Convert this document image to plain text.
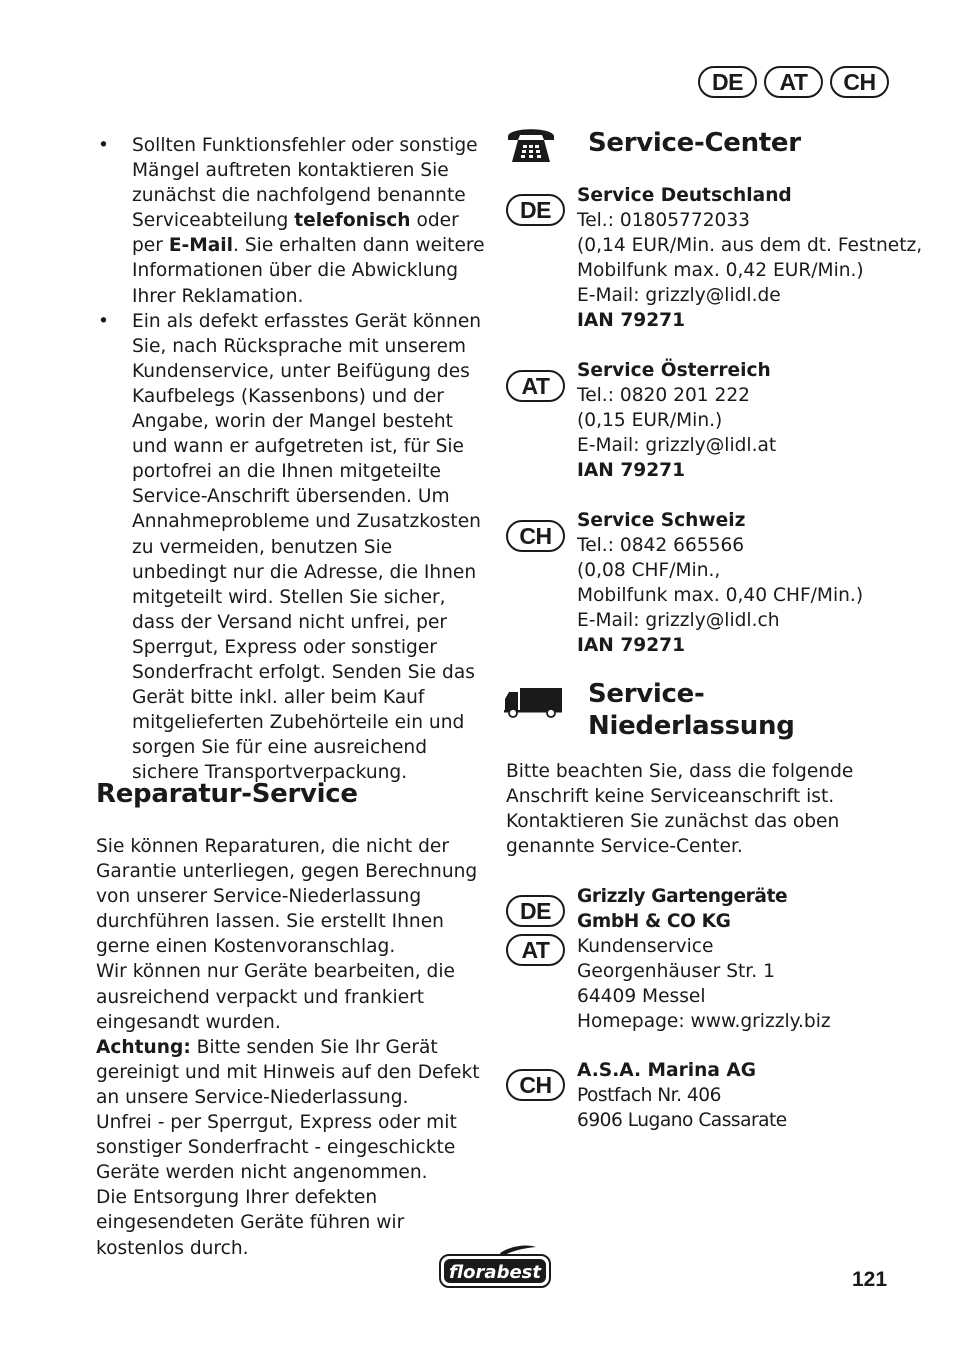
DE	AT	CH
• Sollten Funktionsfehler oder sonstige Mängel auftreten kontaktieren Sie zunächst die nachfolgend benannte Serviceabteilung telefonisch oder per E-Mail. Sie erhalten dann weitere Informationen über die Abwicklung Ihrer Reklamation.
• Ein als defekt erfasstes Gerät können Sie, nach Rücksprache mit unserem Kundenservice, unter Beifügung des Kaufbelegs (Kassenbons) und der Angabe, worin der Mangel besteht und wann er aufgetreten ist, für Sie portofrei an die Ihnen mitgeteilte Service-Anschrift übersenden. Um Annahmeprobleme und Zusatzkosten zu vermeiden, benutzen Sie unbedingt nur die Adresse, die Ihnen mitgeteilt wird. Stellen Sie sicher, dass der Versand nicht unfrei, per Sperrgut, Express oder sonstiger Sonderfracht erfolgt. Senden Sie das Gerät bitte inkl. aller beim Kauf mitgelieferten Zubehörteile ein und sorgen Sie für eine ausreichend sichere Transportverpackung.
Reparatur-Service
Sie können Reparaturen, die nicht der Garantie unterliegen, gegen Berechnung von unserer Service-Niederlassung durchführen lassen. Sie erstellt Ihnen gerne einen Kostenvoranschlag.
Wir können nur Geräte bearbeiten, die ausreichend verpackt und frankiert eingesandt wurden.
Achtung: Bitte senden Sie Ihr Gerät gereinigt und mit Hinweis auf den Defekt an unsere Service-Niederlassung.
Unfrei - per Sperrgut, Express oder mit sonstiger Sonderfracht - eingeschickte Geräte werden nicht angenommen.
Die Entsorgung Ihrer defekten eingesendeten Geräte führen wir kostenlos durch.
Service-Center
DE
Service Deutschland
Tel.: 01805772033
(0,14 EUR/Min. aus dem dt. Festnetz,
Mobilfunk max. 0,42 EUR/Min.)
E-Mail: grizzly@lidl.de
IAN 79271
AT
Service Österreich
Tel.: 0820 201 222
(0,15 EUR/Min.)
E-Mail: grizzly@lidl.at
IAN 79271
CH
Service Schweiz
Tel.: 0842 665566
(0,08 CHF/Min.,
Mobilfunk max. 0,40 CHF/Min.)
E-Mail: grizzly@lidl.ch
IAN 79271
Service-
Niederlassung
Bitte beachten Sie, dass die folgende Anschrift keine Serviceanschrift ist. Kontaktieren Sie zunächst das oben genannte Service-Center.
DE
AT
Grizzly Gartengeräte
GmbH & CO KG
Kundenservice
Georgenhäuser Str. 1
64409 Messel
Homepage: www.grizzly.biz
CH
A.S.A. Marina AG
Postfach Nr. 406
6906 Lugano Cassarate
florabest	121
